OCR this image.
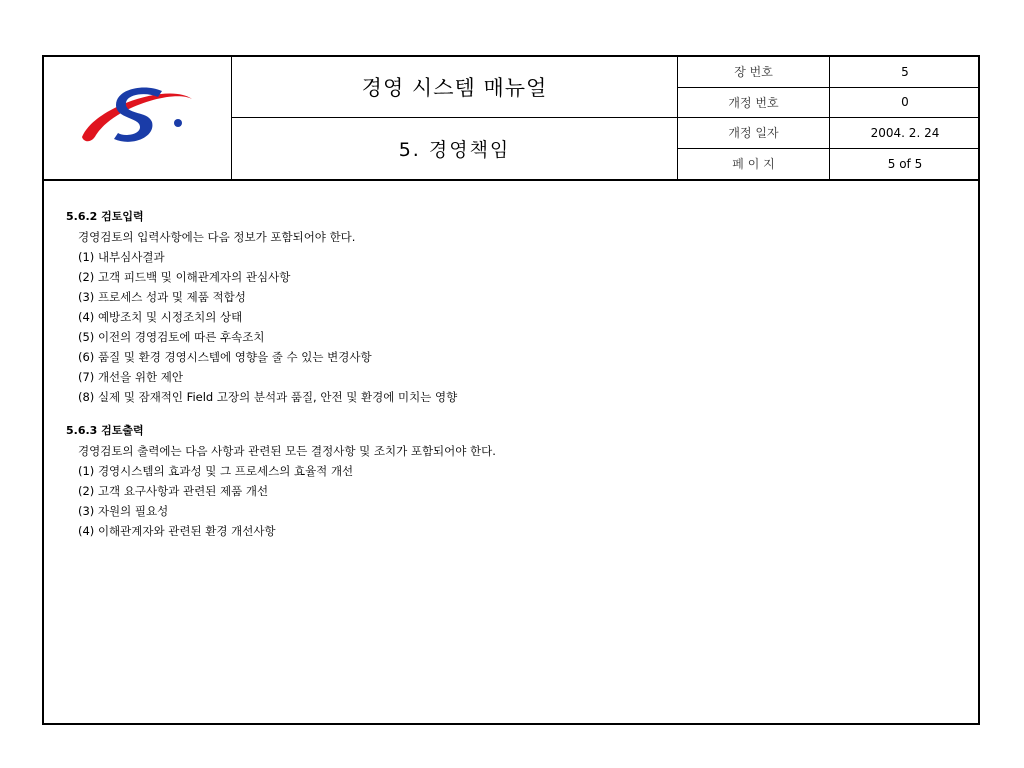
경영 시스템 매뉴얼
5. 경영책임
장 번호	5
개정 번호	0
개정 일자	2004. 2. 24
페 이 지	5 of 5
5.6.2 검토입력
경영검토의 입력사항에는 다음 정보가 포함되어야 한다.
(1) 내부심사결과
(2) 고객 피드백 및 이해관계자의 관심사항
(3) 프로세스 성과 및 제품 적합성
(4) 예방조치 및 시정조치의 상태
(5) 이전의 경영검토에 따른 후속조치
(6) 품질 및 환경 경영시스템에 영향을 줄 수 있는 변경사항
(7) 개선을 위한 제안
(8) 실제 및 잠재적인 Field 고장의 분석과 품질, 안전 및 환경에 미치는 영향
5.6.3 검토출력
경영검토의 출력에는 다음 사항과 관련된 모든 결정사항 및 조치가 포함되어야 한다.
(1) 경영시스템의 효과성 및 그 프로세스의 효율적 개선
(2) 고객 요구사항과 관련된 제품 개선
(3) 자원의 필요성
(4) 이해관계자와 관련된 환경 개선사항
